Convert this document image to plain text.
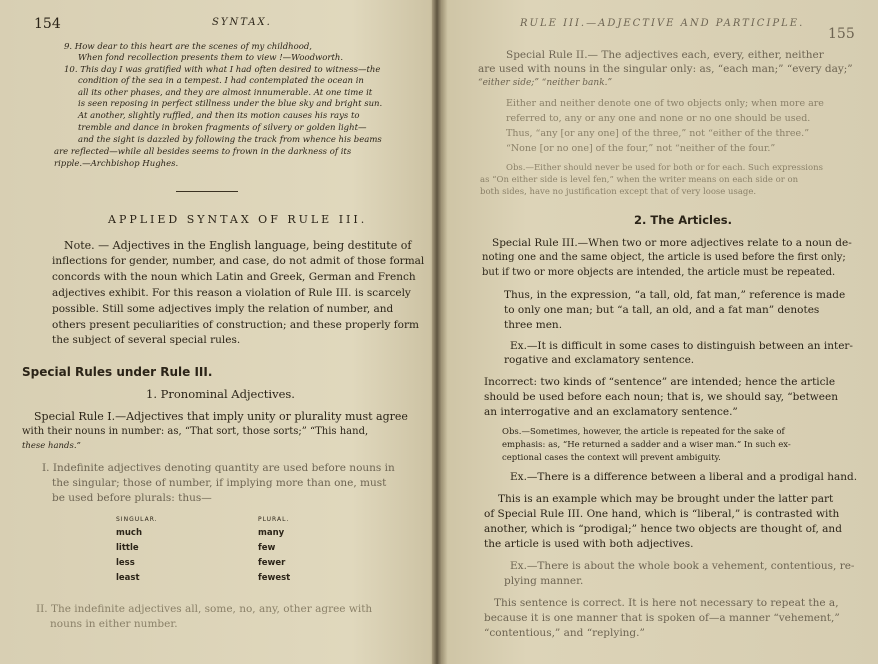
154	SYNTAX.
9. How dear to this heart are the scenes of my childhood,
When fond recollection presents them to view !—Woodworth.
10. This day I was gratified with what I had often desired to witness—the
condition of the sea in a tempest. I had contemplated the ocean in
all its other phases, and they are almost innumerable. At one time it
is seen reposing in perfect stillness under the blue sky and bright sun.
At another, slightly ruffled, and then its motion causes his rays to
tremble and dance in broken fragments of silvery or golden light—
and the sight is dazzled by following the track from whence his beams
are reflected—while all besides seems to frown in the darkness of its
ripple.—Archbishop Hughes.
APPLIED SYNTAX OF RULE III.
Note. — Adjectives in the English language, being destitute of
inflections for gender, number, and case, do not admit of those formal
concords with the noun which Latin and Greek, German and French
adjectives exhibit. For this reason a violation of Rule III. is scarcely
possible. Still some adjectives imply the relation of number, and
others present peculiarities of construction; and these properly form
the subject of several special rules.
Special Rules under Rule III.
1. Pronominal Adjectives.
Special Rule I.—Adjectives that imply unity or plurality must agree
with their nouns in number: as, “That sort, those sorts;” “This hand,
these hands.”
I. Indefinite adjectives denoting quantity are used before nouns in
the singular; those of number, if implying more than one, must
be used before plurals: thus—
SINGULAR.
much
little
less
least
PLURAL.
many
few
fewer
fewest
II. The indefinite adjectives all, some, no, any, other agree with
nouns in either number.
RULE III.—ADJECTIVE AND PARTICIPLE.
155
Special Rule II.— The adjectives each, every, either, neither
are used with nouns in the singular only: as, “each man;” “every day;”
“either side;” “neither bank.”
Either and neither denote one of two objects only; when more are
referred to, any or any one and none or no one should be used.
Thus, “any [or any one] of the three,” not “either of the three.”
“None [or no one] of the four,” not “neither of the four.”
Obs.—Either should never be used for both or for each. Such expressions
as “On either side is level fen,” when the writer means on each side or on
both sides, have no justification except that of very loose usage.
2. The Articles.
Special Rule III.—When two or more adjectives relate to a noun de-
noting one and the same object, the article is used before the first only;
but if two or more objects are intended, the article must be repeated.
Thus, in the expression, “a tall, old, fat man,” reference is made
to only one man; but “a tall, an old, and a fat man” denotes
three men.
Ex.—It is difficult in some cases to distinguish between an inter-
rogative and exclamatory sentence.
Incorrect: two kinds of “sentence” are intended; hence the article
should be used before each noun; that is, we should say, “between
an interrogative and an exclamatory sentence.”
Obs.—Sometimes, however, the article is repeated for the sake of
emphasis: as, “He returned a sadder and a wiser man.” In such ex-
ceptional cases the context will prevent ambiguity.
Ex.—There is a difference between a liberal and a prodigal hand.
This is an example which may be brought under the latter part
of Special Rule III. One hand, which is “liberal,” is contrasted with
another, which is “prodigal;” hence two objects are thought of, and
the article is used with both adjectives.
Ex.—There is about the whole book a vehement, contentious, re-
plying manner.
This sentence is correct. It is here not necessary to repeat the a,
because it is one manner that is spoken of—a manner “vehement,”
“contentious,” and “replying.”
